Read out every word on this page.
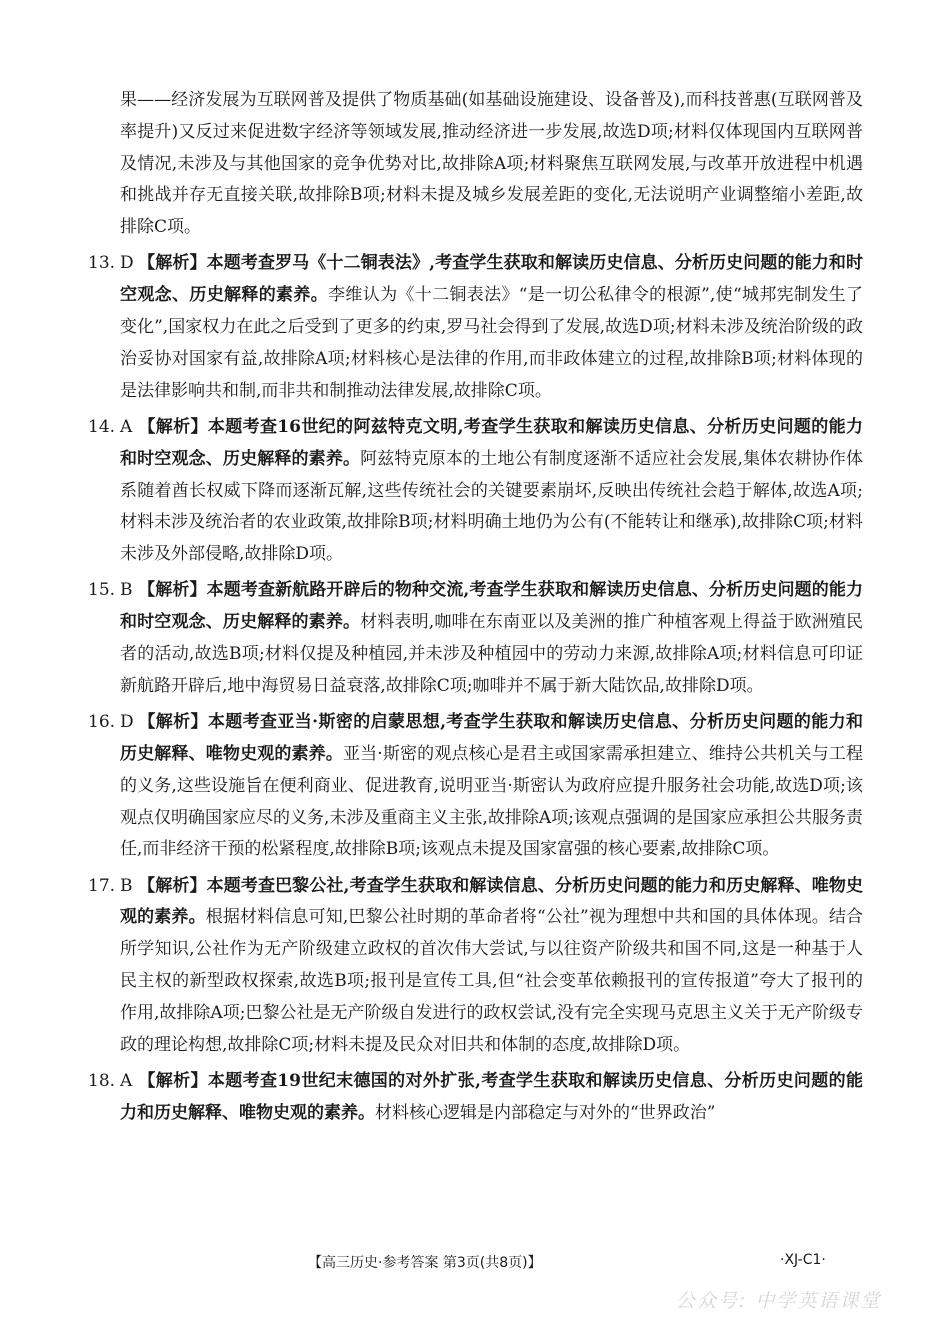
果——经济发展为互联网普及提供了物质基础(如基础设施建设、设备普及),而科技普惠(互联网普及率提升)又反过来促进数字经济等领域发展,推动经济进一步发展,故选D项;材料仅体现国内互联网普及情况,未涉及与其他国家的竞争优势对比,故排除A项;材料聚焦互联网发展,与改革开放进程中机遇和挑战并存无直接关联,故排除B项;材料未提及城乡发展差距的变化,无法说明产业调整缩小差距,故排除C项。

13. D 【解析】本题考查罗马《十二铜表法》,考查学生获取和解读历史信息、分析历史问题的能力和时空观念、历史解释的素养。李维认为《十二铜表法》“是一切公私律令的根源”,使“城邦宪制发生了变化”,国家权力在此之后受到了更多的约束,罗马社会得到了发展,故选D项;材料未涉及统治阶级的政治妥协对国家有益,故排除A项;材料核心是法律的作用,而非政体建立的过程,故排除B项;材料体现的是法律影响共和制,而非共和制推动法律发展,故排除C项。
14. A 【解析】本题考查16世纪的阿兹特克文明,考查学生获取和解读历史信息、分析历史问题的能力和时空观念、历史解释的素养。阿兹特克原本的土地公有制度逐渐不适应社会发展,集体农耕协作体系随着酋长权威下降而逐渐瓦解,这些传统社会的关键要素崩坏,反映出传统社会趋于解体,故选A项;材料未涉及统治者的农业政策,故排除B项;材料明确土地仍为公有(不能转让和继承),故排除C项;材料未涉及外部侵略,故排除D项。
15. B 【解析】本题考查新航路开辟后的物种交流,考查学生获取和解读历史信息、分析历史问题的能力和时空观念、历史解释的素养。材料表明,咖啡在东南亚以及美洲的推广种植客观上得益于欧洲殖民者的活动,故选B项;材料仅提及种植园,并未涉及种植园中的劳动力来源,故排除A项;材料信息可印证新航路开辟后,地中海贸易日益衰落,故排除C项;咖啡并不属于新大陆饮品,故排除D项。
16. D 【解析】本题考查亚当·斯密的启蒙思想,考查学生获取和解读历史信息、分析历史问题的能力和历史解释、唯物史观的素养。亚当·斯密的观点核心是君主或国家需承担建立、维持公共机关与工程的义务,这些设施旨在便利商业、促进教育,说明亚当·斯密认为政府应提升服务社会功能,故选D项;该观点仅明确国家应尽的义务,未涉及重商主义主张,故排除A项;该观点强调的是国家应承担公共服务责任,而非经济干预的松紧程度,故排除B项;该观点未提及国家富强的核心要素,故排除C项。
17. B 【解析】本题考查巴黎公社,考查学生获取和解读信息、分析历史问题的能力和历史解释、唯物史观的素养。根据材料信息可知,巴黎公社时期的革命者将“公社”视为理想中共和国的具体体现。结合所学知识,公社作为无产阶级建立政权的首次伟大尝试,与以往资产阶级共和国不同,这是一种基于人民主权的新型政权探索,故选B项;报刊是宣传工具,但“社会变革依赖报刊的宣传报道”夸大了报刊的作用,故排除A项;巴黎公社是无产阶级自发进行的政权尝试,没有完全实现马克思主义关于无产阶级专政的理论构想,故排除C项;材料未提及民众对旧共和体制的态度,故排除D项。
18. A 【解析】本题考查19世纪末德国的对外扩张,考查学生获取和解读历史信息、分析历史问题的能力和历史解释、唯物史观的素养。材料核心逻辑是内部稳定与对外的“世界政治”
【高三历史·参考答案 第3页(共8页)】	·XJ-C1·
公众号: 中学英语课堂
